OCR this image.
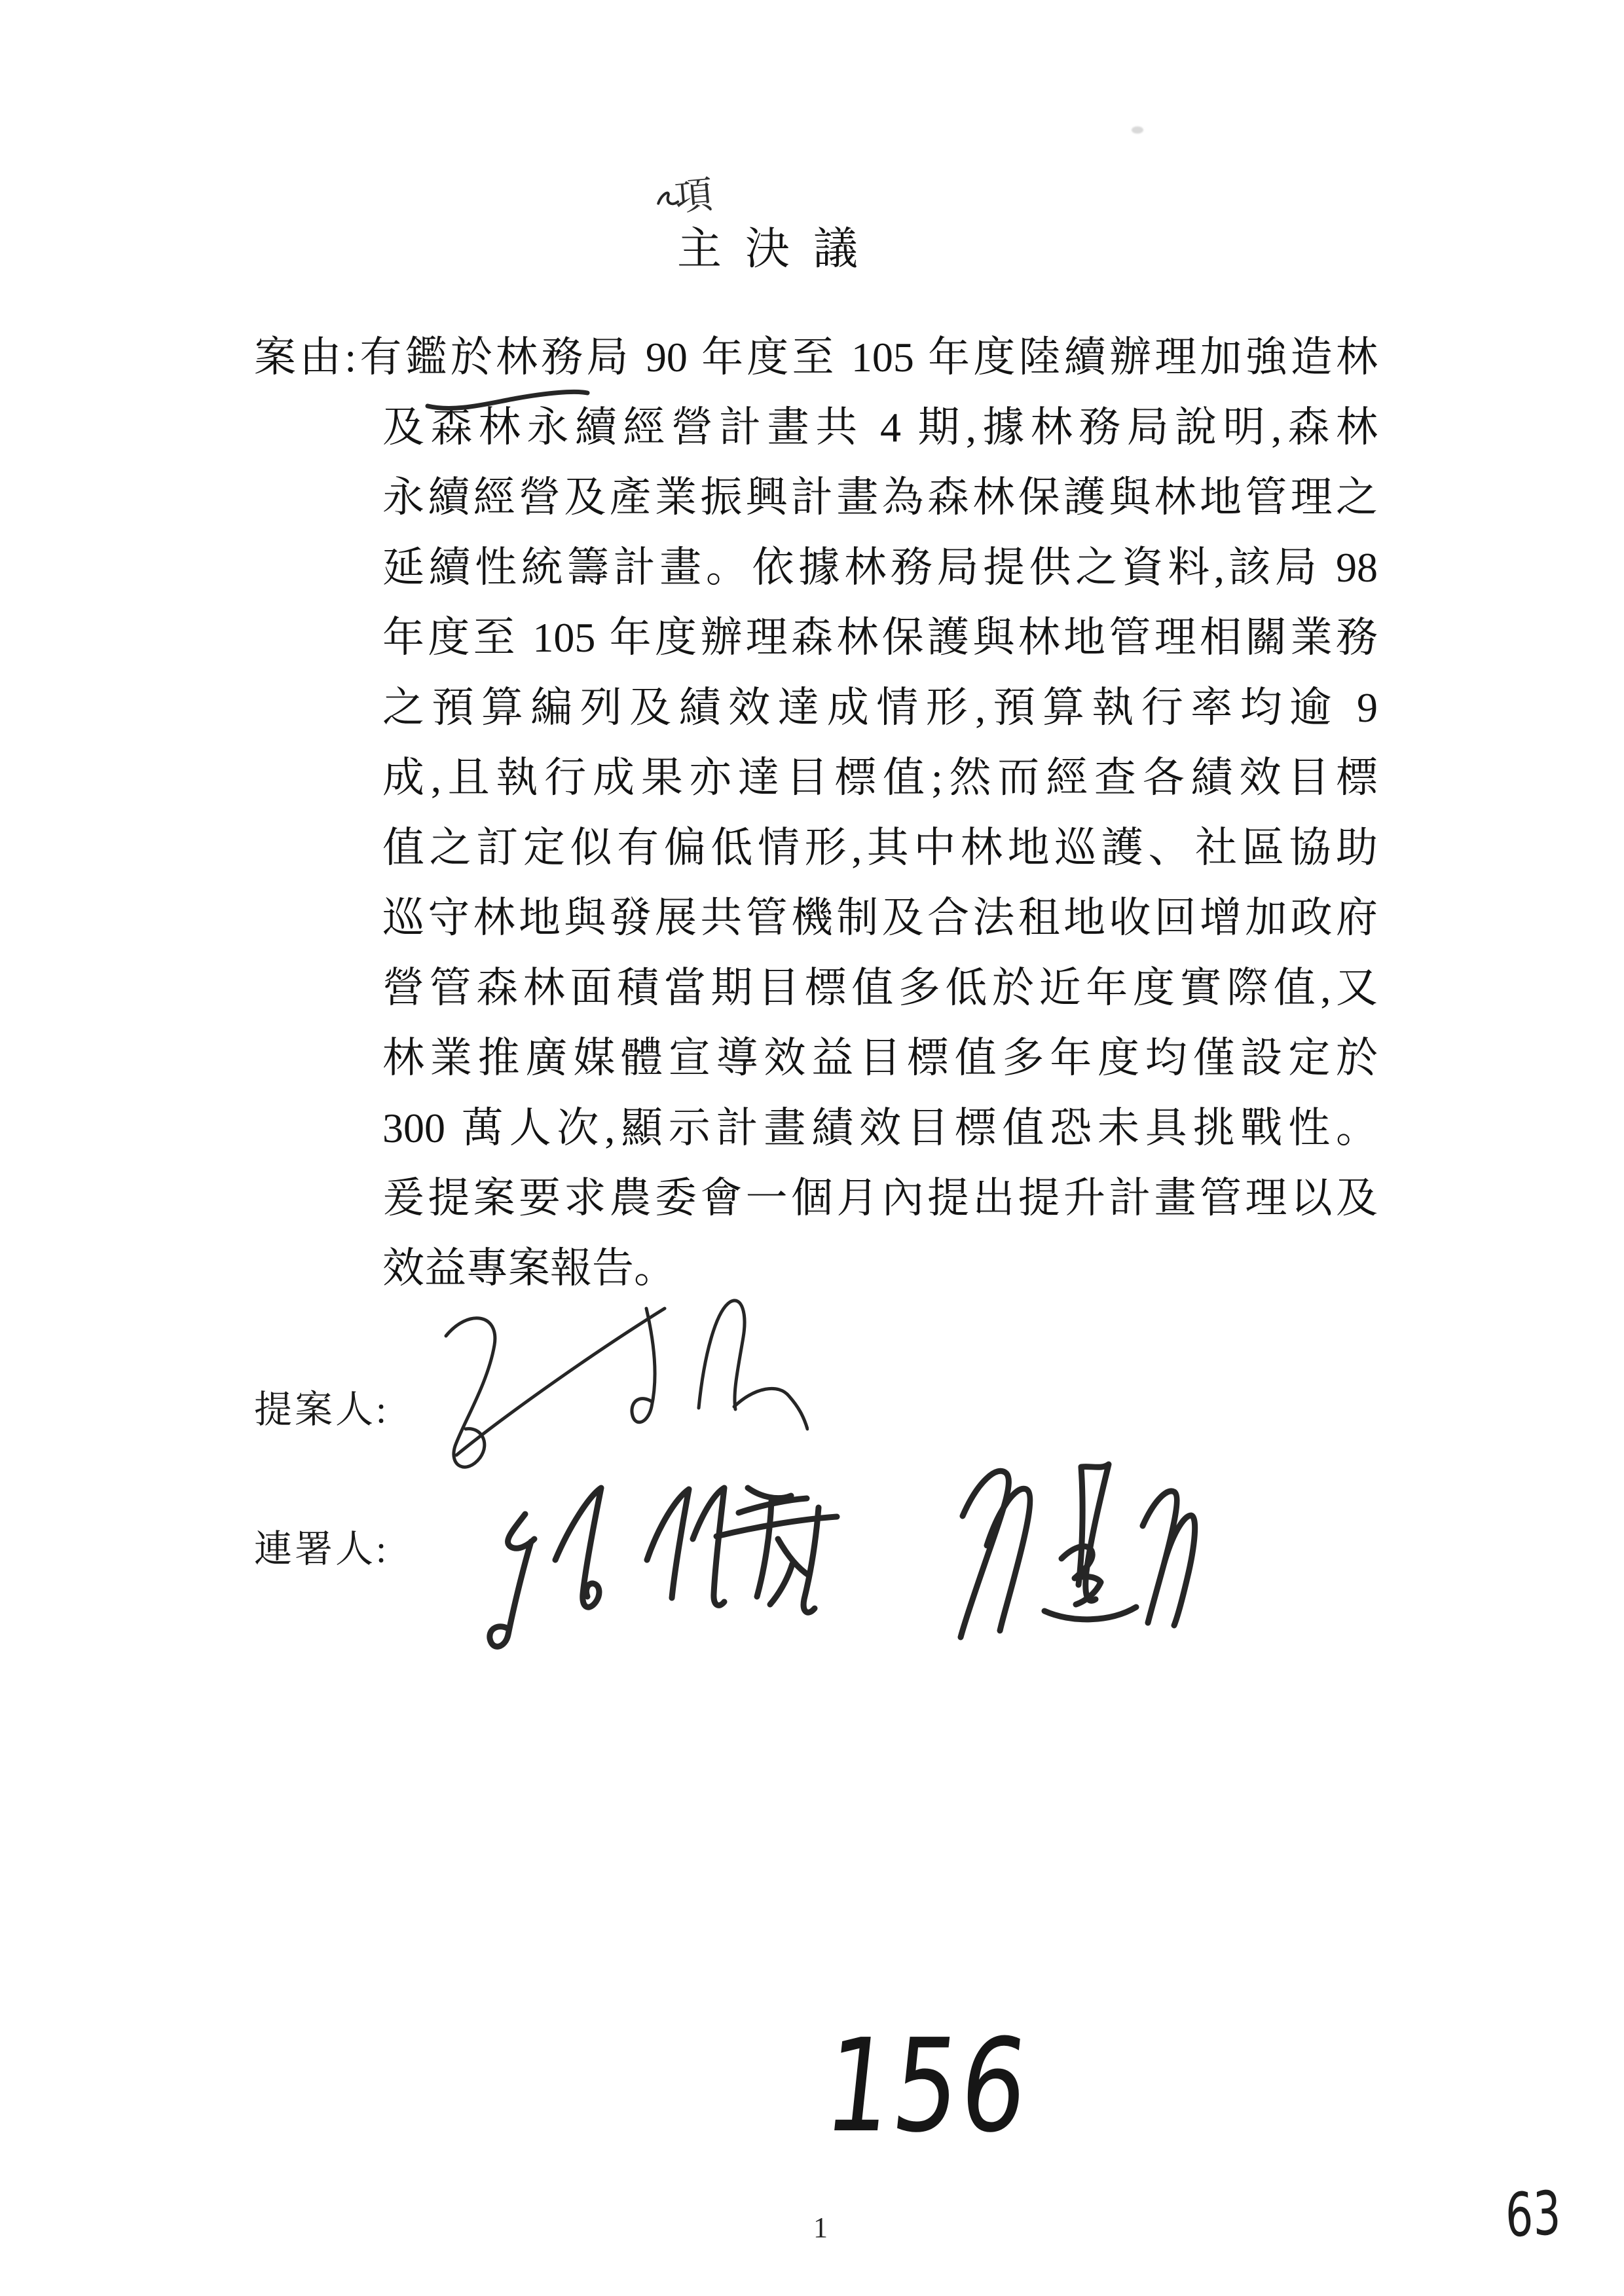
項
主決議
案由:有鑑於林務局 90 年度至 105 年度陸續辦理加強造林
及森林永續經營計畫共 4 期,據林務局說明,森林
永續經營及產業振興計畫為森林保護與林地管理之
延續性統籌計畫。依據林務局提供之資料,該局 98
年度至 105 年度辦理森林保護與林地管理相關業務
之預算編列及績效達成情形,預算執行率均逾 9
成,且執行成果亦達目標值;然而經查各績效目標
值之訂定似有偏低情形,其中林地巡護、社區協助
巡守林地與發展共管機制及合法租地收回增加政府
營管森林面積當期目標值多低於近年度實際值,又
林業推廣媒體宣導效益目標值多年度均僅設定於
300 萬人次,顯示計畫績效目標值恐未具挑戰性。
爰提案要求農委會一個月內提出提升計畫管理以及
效益專案報告。
提案人:
連署人:
156
1	63
